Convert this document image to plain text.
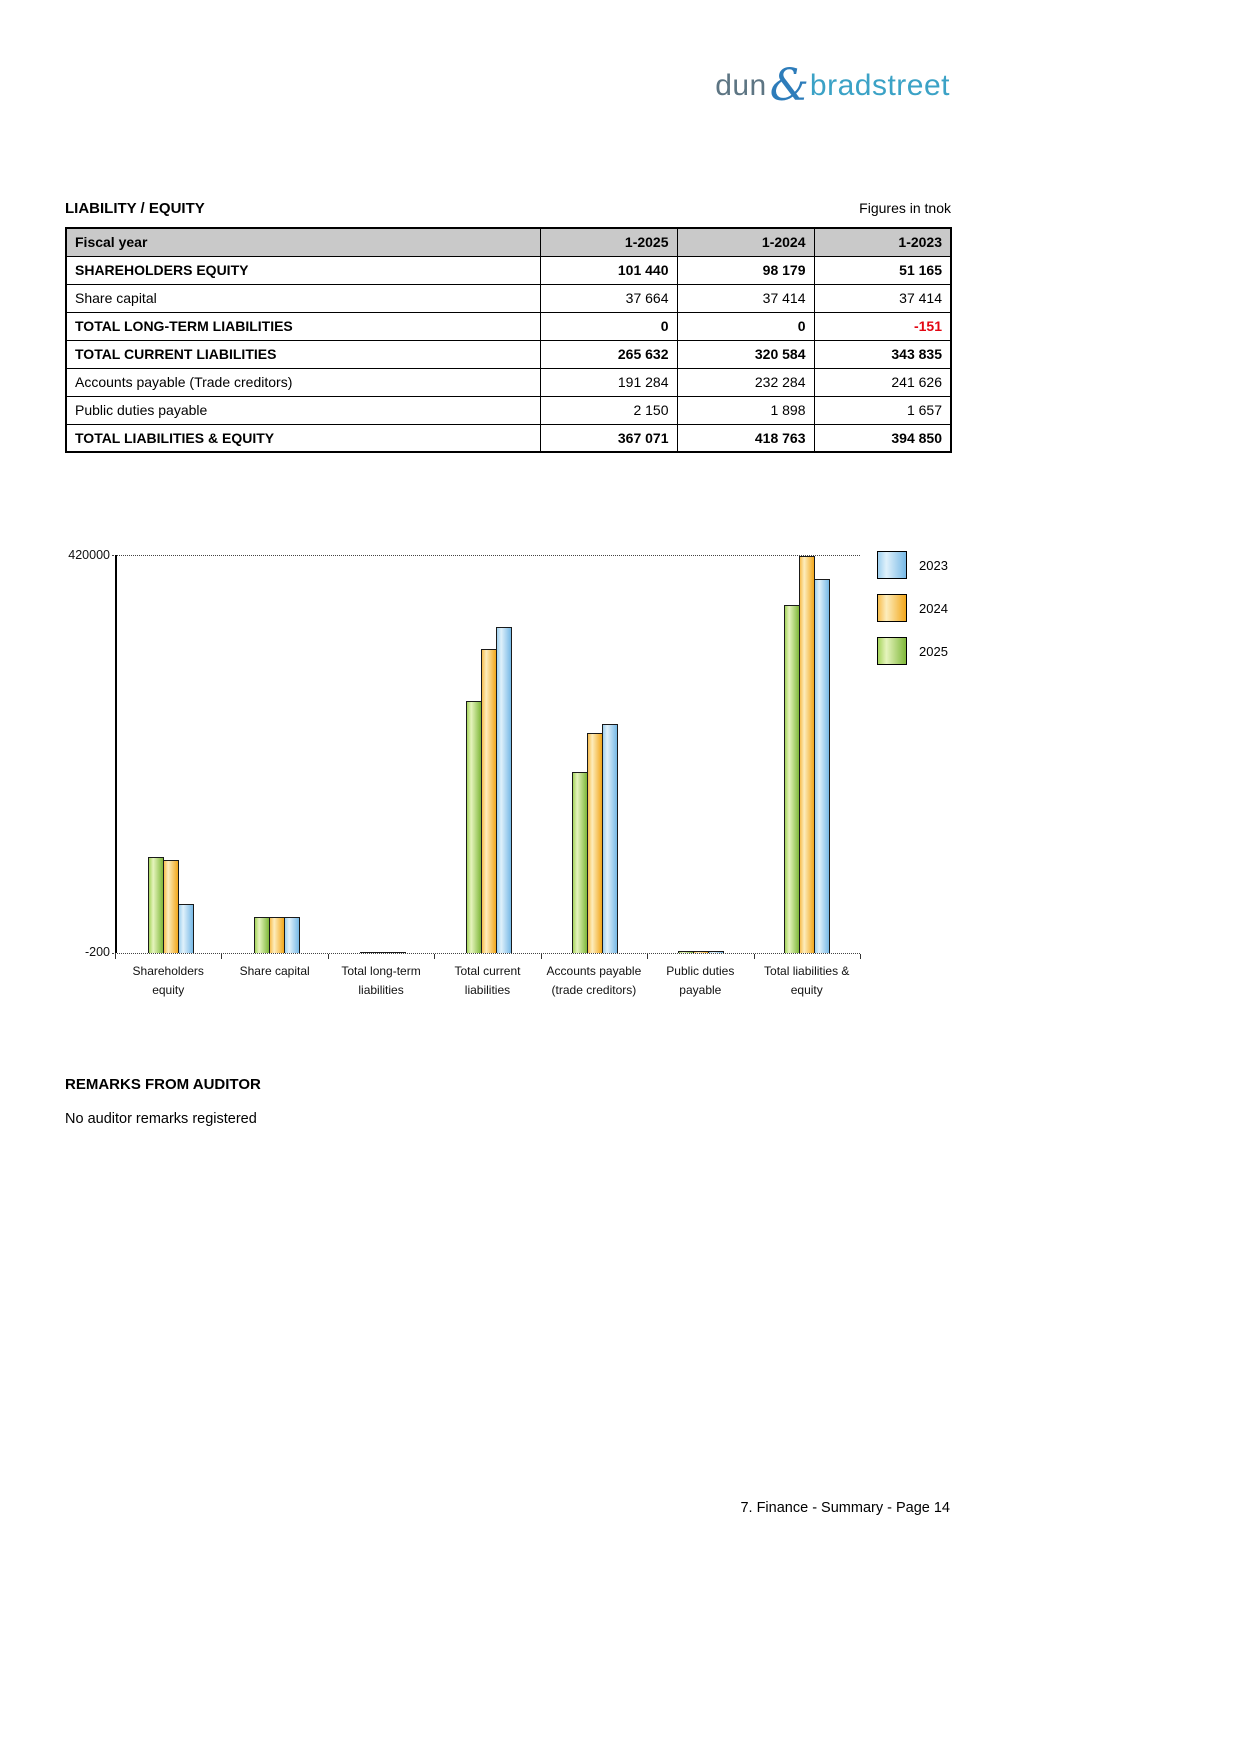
dun & bradstreet
LIABILITY / EQUITY	Figures in tnok
Fiscal year	1-2025	1-2024	1-2023
SHAREHOLDERS EQUITY	101 440	98 179	51 165
Share capital	37 664	37 414	37 414
TOTAL LONG-TERM LIABILITIES	0	0	-151
TOTAL CURRENT LIABILITIES	265 632	320 584	343 835
Accounts payable (Trade creditors)	191 284	232 284	241 626
Public duties payable	2 150	1 898	1 657
TOTAL LIABILITIES & EQUITY	367 071	418 763	394 850
420000
-200
Shareholders
equity
Share capital	Total long-term
liabilities
Total current
liabilities
Accounts payable
(trade creditors)
Public duties
payable
Total liabilities &
equity
2023
2024
2025
REMARKS FROM AUDITOR
No auditor remarks registered
7. Finance - Summary - Page 14
